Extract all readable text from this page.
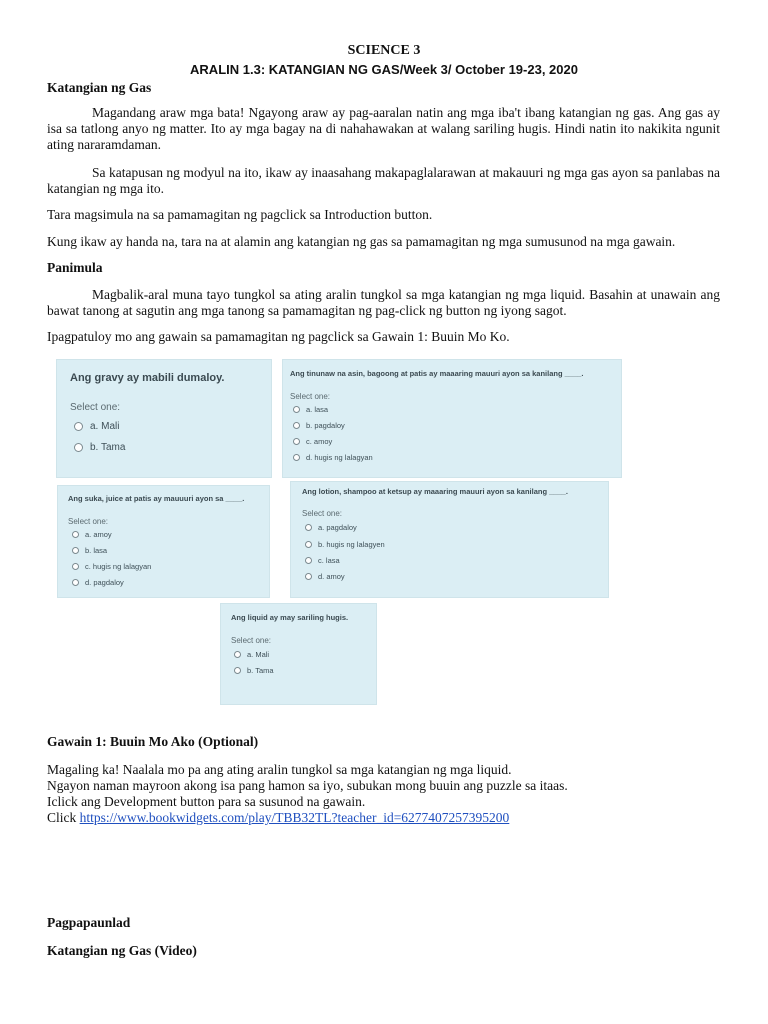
SCIENCE 3
ARALIN 1.3: KATANGIAN NG GAS/Week 3/ October 19-23, 2020
Katangian ng Gas
Magandang araw mga bata! Ngayong araw ay pag-aaralan natin ang mga iba't ibang katangian ng gas. Ang gas ay isa sa tatlong anyo ng matter. Ito ay mga bagay na di nahahawakan at walang sariling hugis. Hindi natin ito nakikita ngunit ating nararamdaman.
Sa katapusan ng modyul na ito, ikaw ay inaasahang makapaglalarawan at makauuri ng mga gas ayon sa panlabas na katangian ng mga ito.
Tara magsimula na sa pamamagitan ng pagclick sa Introduction button.
Kung ikaw ay handa na, tara na at alamin ang katangian ng gas sa pamamagitan ng mga sumusunod na mga gawain.
Panimula
Magbalik-aral muna tayo tungkol sa ating aralin tungkol sa mga katangian ng mga liquid. Basahin at unawain ang bawat tanong at sagutin ang mga tanong sa pamamagitan ng pag-click ng button ng iyong sagot.
Ipagpatuloy mo ang gawain sa pamamagitan ng pagclick sa Gawain 1: Buuin Mo Ko.
Ang gravy ay mabili dumaloy.
Select one:
a. Mali
b. Tama
Ang tinunaw na asin, bagoong at patis ay maaaring mauuri ayon sa kanilang ____.
Select one:
a. lasa
b. pagdaloy
c. amoy
d. hugis ng lalagyan
Ang suka, juice at patis ay mauuuri ayon sa ____.
Select one:
a. amoy
b. lasa
c. hugis ng lalagyan
d. pagdaloy
Ang lotion, shampoo at ketsup ay maaaring mauuri ayon sa kanilang ____.
Select one:
a. pagdaloy
b. hugis ng lalagyen
c. lasa
d. amoy
Ang liquid ay may sariling hugis.
Select one:
a. Mali
b. Tama
Gawain 1: Buuin Mo Ako (Optional)
Magaling ka! Naalala mo pa ang ating aralin tungkol sa mga katangian ng mga liquid.
Ngayon naman mayroon akong isa pang hamon sa iyo, subukan mong buuin ang puzzle sa itaas.
Iclick ang Development button para sa susunod na gawain.
Click https://www.bookwidgets.com/play/TBB32TL?teacher_id=6277407257395200
Pagpapaunlad
Katangian ng Gas (Video)
